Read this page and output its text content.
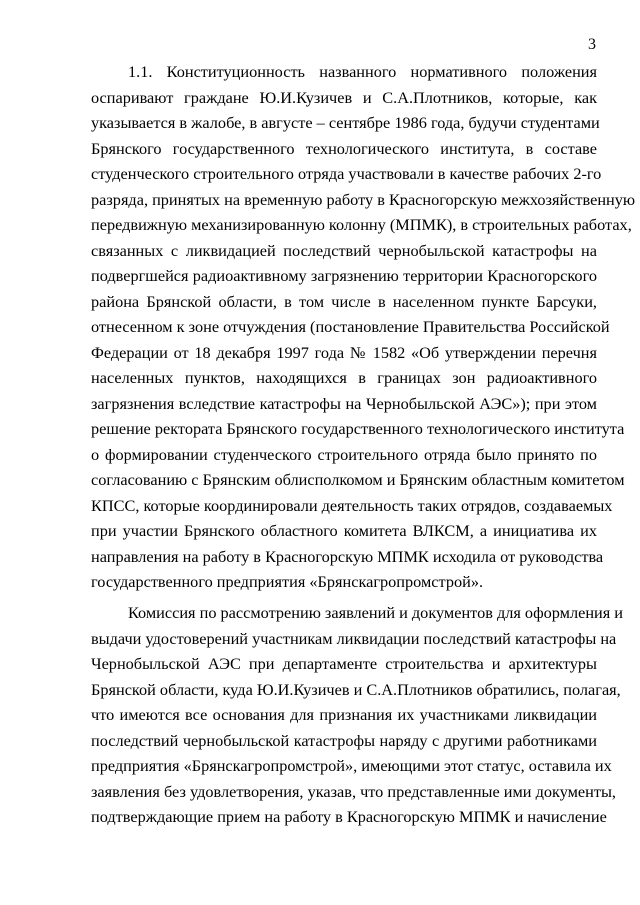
3
1.1. Конституционность названного нормативного положения
оспаривают граждане Ю.И.Кузичев и С.А.Плотников, которые, как
указывается в жалобе, в августе – сентябре 1986 года, будучи студентами
Брянского государственного технологического института, в составе
студенческого строительного отряда участвовали в качестве рабочих 2-го
разряда, принятых на временную работу в Красногорскую межхозяйственную
передвижную механизированную колонну (МПМК), в строительных работах,
связанных с ликвидацией последствий чернобыльской катастрофы на
подвергшейся радиоактивному загрязнению территории Красногорского
района Брянской области, в том числе в населенном пункте Барсуки,
отнесенном к зоне отчуждения (постановление Правительства Российской
Федерации от 18 декабря 1997 года № 1582 «Об утверждении перечня
населенных пунктов, находящихся в границах зон радиоактивного
загрязнения вследствие катастрофы на Чернобыльской АЭС»); при этом
решение ректората Брянского государственного технологического института
о формировании студенческого строительного отряда было принято по
согласованию с Брянским облисполкомом и Брянским областным комитетом
КПСС, которые координировали деятельность таких отрядов, создаваемых
при участии Брянского областного комитета ВЛКСМ, а инициатива их
направления на работу в Красногорскую МПМК исходила от руководства
государственного предприятия «Брянскагропромстрой».
Комиссия по рассмотрению заявлений и документов для оформления и
выдачи удостоверений участникам ликвидации последствий катастрофы на
Чернобыльской АЭС при департаменте строительства и архитектуры
Брянской области, куда Ю.И.Кузичев и С.А.Плотников обратились, полагая,
что имеются все основания для признания их участниками ликвидации
последствий чернобыльской катастрофы наряду с другими работниками
предприятия «Брянскагропромстрой», имеющими этот статус, оставила их
заявления без удовлетворения, указав, что представленные ими документы,
подтверждающие прием на работу в Красногорскую МПМК и начисление
